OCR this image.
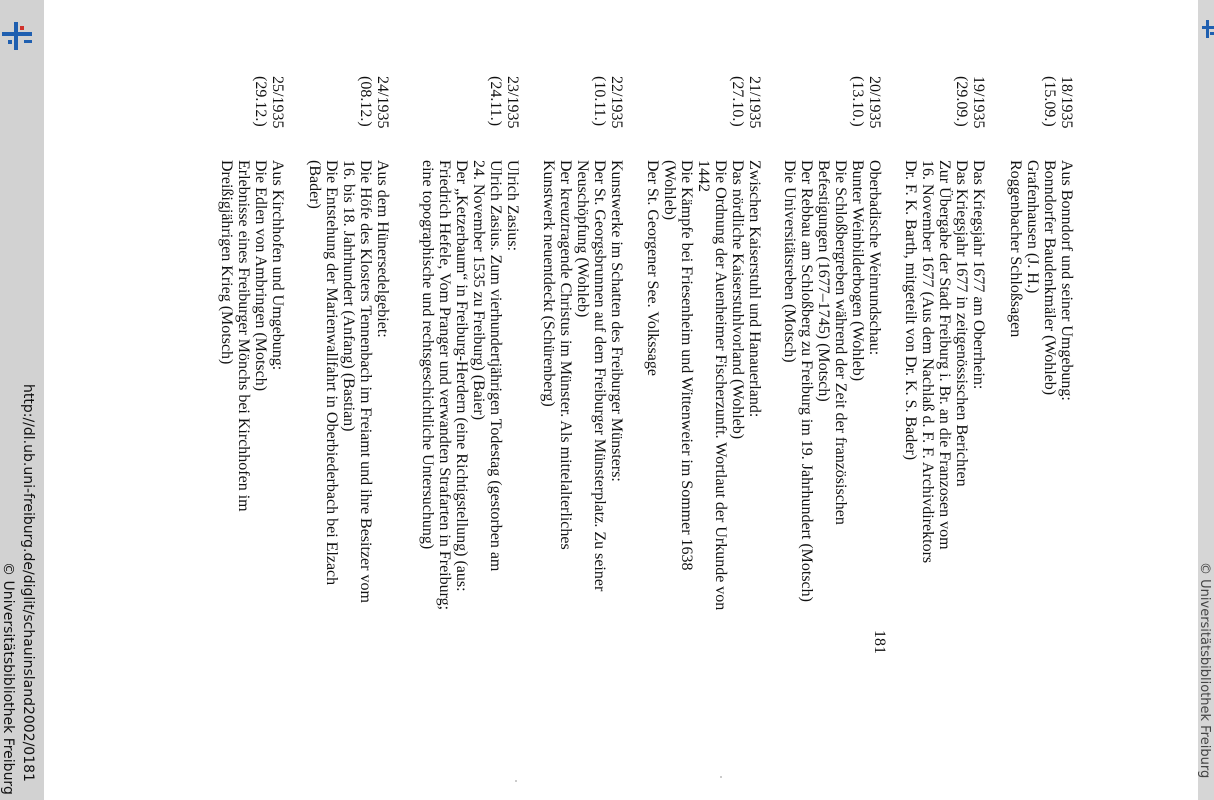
http://dl.ub.uni-freiburg.de/diglit/schauinsland2002/0181
© Universitätsbibliothek Freiburg	© Universitätsbibliothek Freiburg
181
18/1935
(15.09.)
Aus Bonndorf und seiner Umgebung:
Bonndorfer Baudenkmäler (Wohleb)
Grafenhausen (J. H.)
Roggenbacher Schloßsagen
19/1935
(29.09.)
Das Kriegsjahr 1677 am Oberrhein:
Das Kriegsjahr 1677 in zeitgenössischen Berichten
Zur Übergabe der Stadt Freiburg i. Br. an die Franzosen vom
16. November 1677 (Aus dem Nachlaß d. F. F. Archivdirektors
Dr. F. K. Barth, mitgeteilt von Dr. K. S. Bader)
20/1935
(13.10.)
Oberbadische Weinrundschau:
Bunter Weinbilderbogen (Wohleb)
Die Schloßbergreben während der Zeit der französischen
Befestigungen (1677–1745) (Motsch)
Der Rebbau am Schloßberg zu Freiburg im 19. Jahrhundert (Motsch)
Die Universitätsreben (Motsch)
21/1935
(27.10.)
Zwischen Kaiserstuhl und Hanauerland:
Das nördliche Kaiserstuhlvorland (Wohleb)
Die Ordnung der Auenheimer Fischerzunft. Wortlaut der Urkunde von
1442
Die Kämpfe bei Friesenheim und Wittenweier im Sommer 1638
(Wohleb)
Der St. Georgener See. Volkssage
22/1935
(10.11.)
Kunstwerke im Schatten des Freiburger Münsters:
Der St. Georgsbrunnen auf dem Freiburger Münsterplatz. Zu seiner
Neuschöpfung (Wohleb)
Der kreuztragende Christus im Münster. Als mittelalterliches
Kunstwerk neuentdeckt (Schürenberg)
23/1935
(24.11.)
Ulrich Zasius:
Ulrich Zasius. Zum vierhundertjährigen Todestag (gestorben am
24. November 1535 zu Freiburg) (Baier)
Der „Ketzerbaum“ in Freiburg-Herdern (eine Richtigstellung) (aus:
Friedrich Hefele, Vom Pranger und verwandten Strafarten in Freiburg;
eine topographische und rechtsgeschichtliche Untersuchung)
24/1935
(08.12.)
Aus dem Hünersedelgebiet:
Die Höfe des Klosters Tennenbach im Freiamt und ihre Besitzer vom
16. bis 18. Jahrhundert (Anfang) (Bastian)
Die Entstehung der Marienwallfahrt in Oberbiederbach bei Elzach
(Bader)
25/1935
(29.12.)
Aus Kirchhofen und Umgebung:
Die Edlen von Ambringen (Motsch)
Erlebnisse eines Freiburger Mönchs bei Kirchhofen im
Dreißigjährigen Krieg (Motsch)
